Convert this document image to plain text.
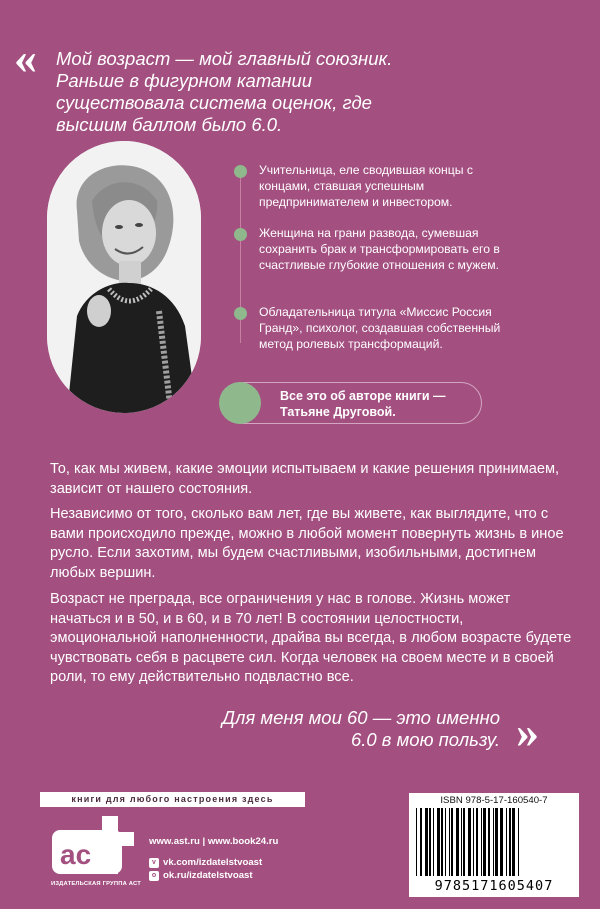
« Мой возраст — мой главный союзник. Раньше в фигурном катании существовала система оценок, где высшим баллом было 6.0.
Учительница, еле сводившая концы с концами, ставшая успешным предпринимателем и инвестором.
Женщина на грани развода, сумевшая сохранить брак и трансформировать его в счастливые глубокие отношения с мужем.
Обладательница титула «Миссис Россия Гранд», психолог, создавшая собственный метод ролевых трансформаций.
Все это об авторе книги — Татьяне Друговой.
То, как мы живем, какие эмоции испытываем и какие решения принимаем, зависит от нашего состояния.
Независимо от того, сколько вам лет, где вы живете, как выглядите, что с вами происходило прежде, можно в любой момент повернуть жизнь в иное русло. Если захотим, мы будем счастливыми, изобильными, достигнем любых вершин.
Возраст не преграда, все ограничения у нас в голове. Жизнь может начаться и в 50, и в 60, и в 70 лет! В состоянии целостности, эмоциональной наполненности, драйва вы всегда, в любом возрасте будете чувствовать себя в расцвете сил. Когда человек на своем месте и в своей роли, то ему действительно подвластно все.
Для меня мои 60 — это именно 6.0 в мою пользу. »
книги для любого настроения здесь
ac
ИЗДАТЕЛЬСКАЯ ГРУППА АСТ
www.ast.ru | www.book24.ru
v vk.com/ izdatelstvoast
o ok.ru/ izdatelstvoast
ISBN 978-5-17-160540-7
9785171605407
